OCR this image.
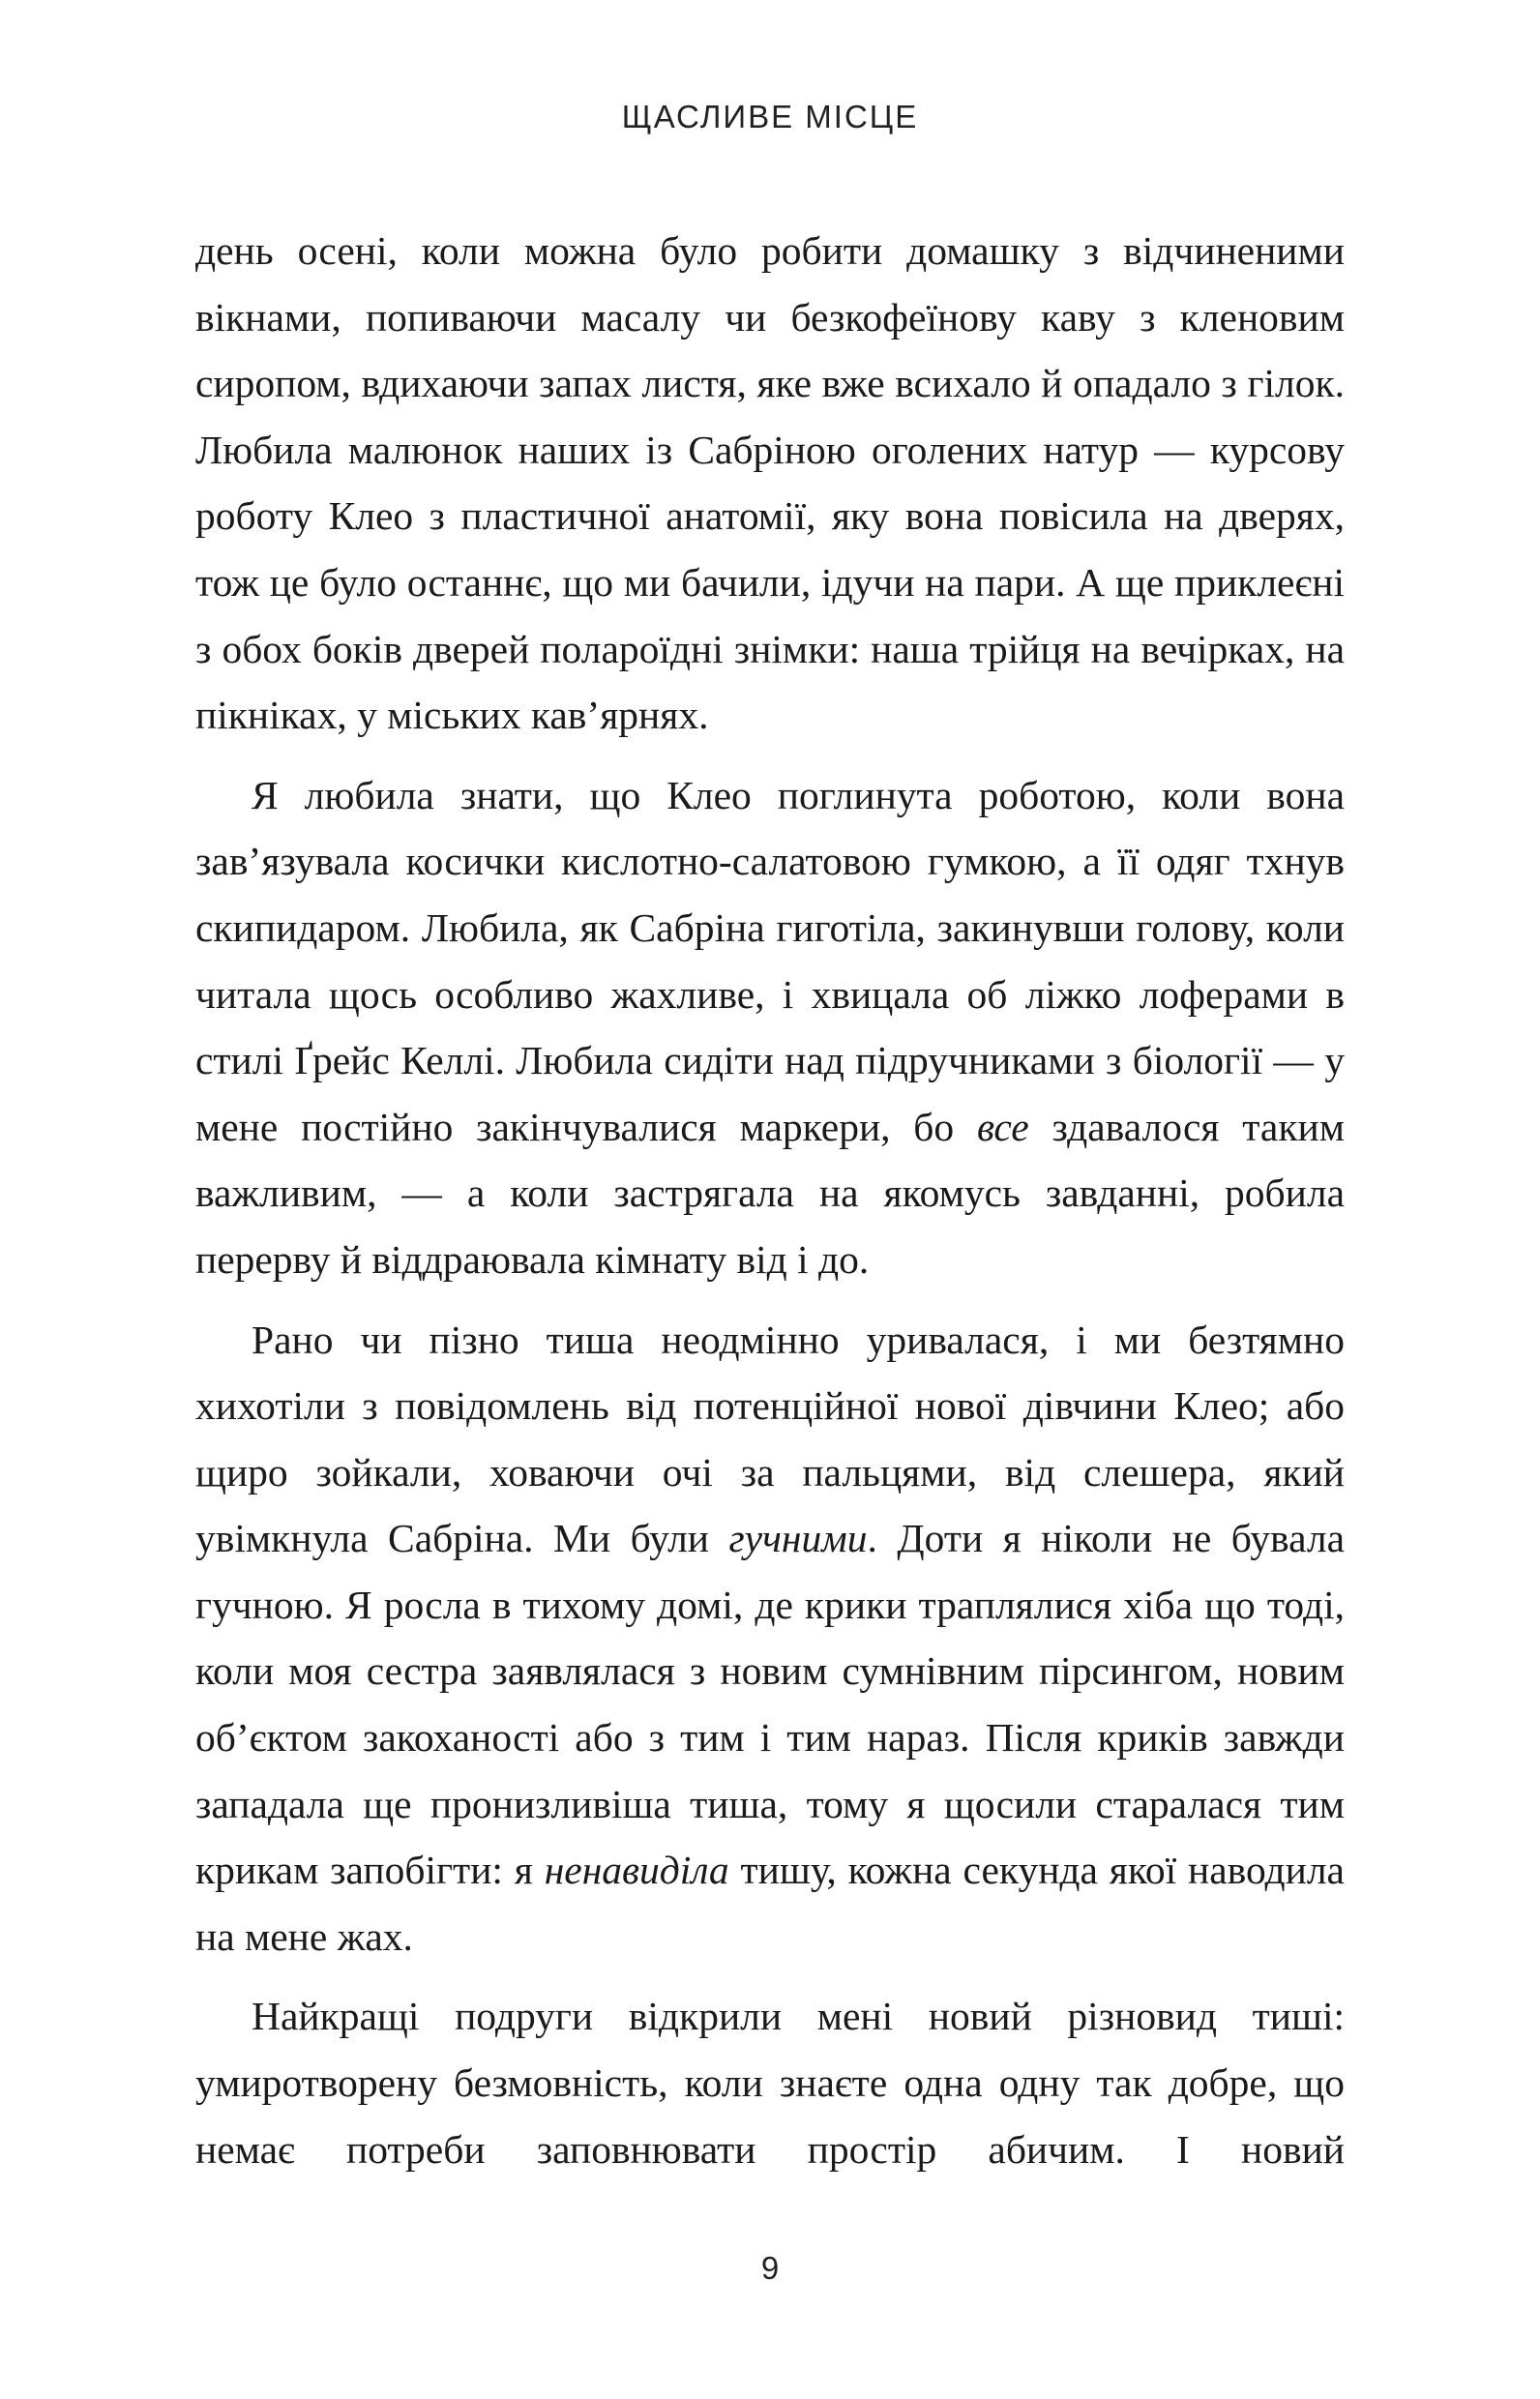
ЩАСЛИВЕ МІСЦЕ

день осені, коли можна було робити домашку з відчиненими вікнами, попиваючи масалу чи безкофеїнову каву з кленовим сиропом, вдихаючи запах листя, яке вже всихало й опадало з гілок. Любила малюнок наших із Сабріною оголених натур — курсову роботу Клео з пластичної анатомії, яку вона повісила на дверях, тож це було останнє, що ми бачили, ідучи на пари. А ще приклеєні з обох боків дверей полароїдні знімки: наша трійця на вечірках, на пікніках, у міських кав’ярнях.

Я любила знати, що Клео поглинута роботою, коли вона зав’язувала косички кислотно-салатовою гумкою, а її одяг тхнув скипидаром. Любила, як Сабріна гиготіла, закинувши голову, коли читала щось особливо жахливе, і хвицала об ліжко лоферами в стилі Ґрейс Келлі. Любила сидіти над підручниками з біології — у мене постійно закінчувалися маркери, бо все здавалося таким важливим, — а коли застрягала на якомусь завданні, робила перерву й віддраювала кімнату від і до.

Рано чи пізно тиша неодмінно уривалася, і ми безтямно хихотіли з повідомлень від потенційної нової дівчини Клео; або щиро зойкали, ховаючи очі за пальцями, від слешера, який увімкнула Сабріна. Ми були гучними. Доти я ніколи не бувала гучною. Я росла в тихому домі, де крики траплялися хіба що тоді, коли моя сестра заявлялася з новим сумнівним пірсингом, новим об’єктом закоханості або з тим і тим нараз. Після криків завжди западала ще пронизливіша тиша, тому я щосили старалася тим крикам запобігти: я ненавиділа тишу, кожна секунда якої наводила на мене жах.

Найкращі подруги відкрили мені новий різновид тиші: умиротворену безмовність, коли знаєте одна одну так добре, що немає потреби заповнювати простір абичим. І новий

9
